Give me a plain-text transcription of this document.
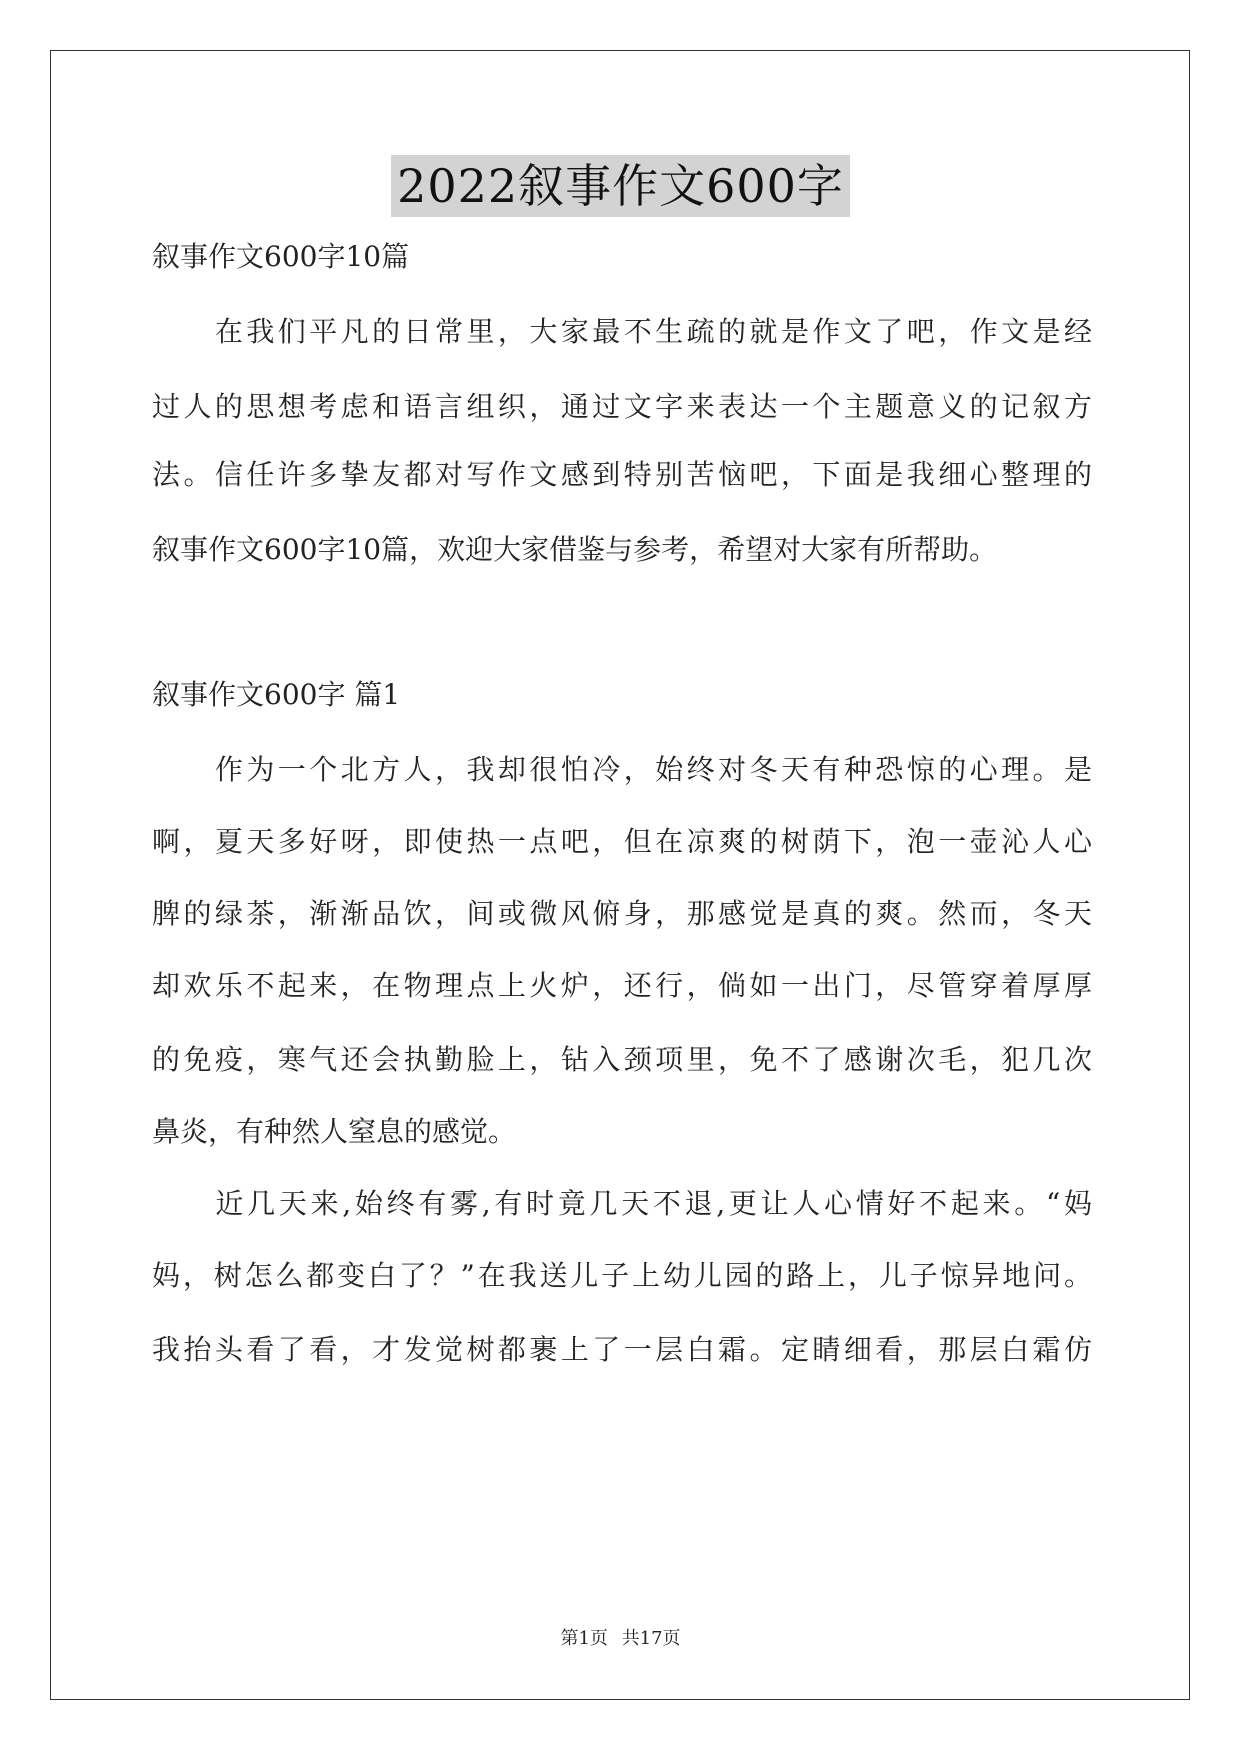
2022叙事作文600字
叙事作文600字10篇
　　在我们平凡的日常里，大家最不生疏的就是作文了吧，作文是经
过人的思想考虑和语言组织，通过文字来表达一个主题意义的记叙方
法。信任许多挚友都对写作文感到特别苦恼吧，下面是我细心整理的
叙事作文600字10篇，欢迎大家借鉴与参考，希望对大家有所帮助。
叙事作文600字 篇1
　　作为一个北方人，我却很怕冷，始终对冬天有种恐惊的心理。是
啊，夏天多好呀，即使热一点吧，但在凉爽的树荫下，泡一壶沁人心
脾的绿茶，渐渐品饮，间或微风俯身，那感觉是真的爽。然而，冬天
却欢乐不起来，在物理点上火炉，还行，倘如一出门，尽管穿着厚厚
的免疫，寒气还会执勤脸上，钻入颈项里，免不了感谢次毛，犯几次
鼻炎，有种然人窒息的感觉。
　　近几天来,始终有雾,有时竟几天不退,更让人心情好不起来。“妈
妈，树怎么都变白了？”在我送儿子上幼儿园的路上，儿子惊异地问。
我抬头看了看，才发觉树都裹上了一层白霜。定睛细看，那层白霜仿
第1页 共17页
